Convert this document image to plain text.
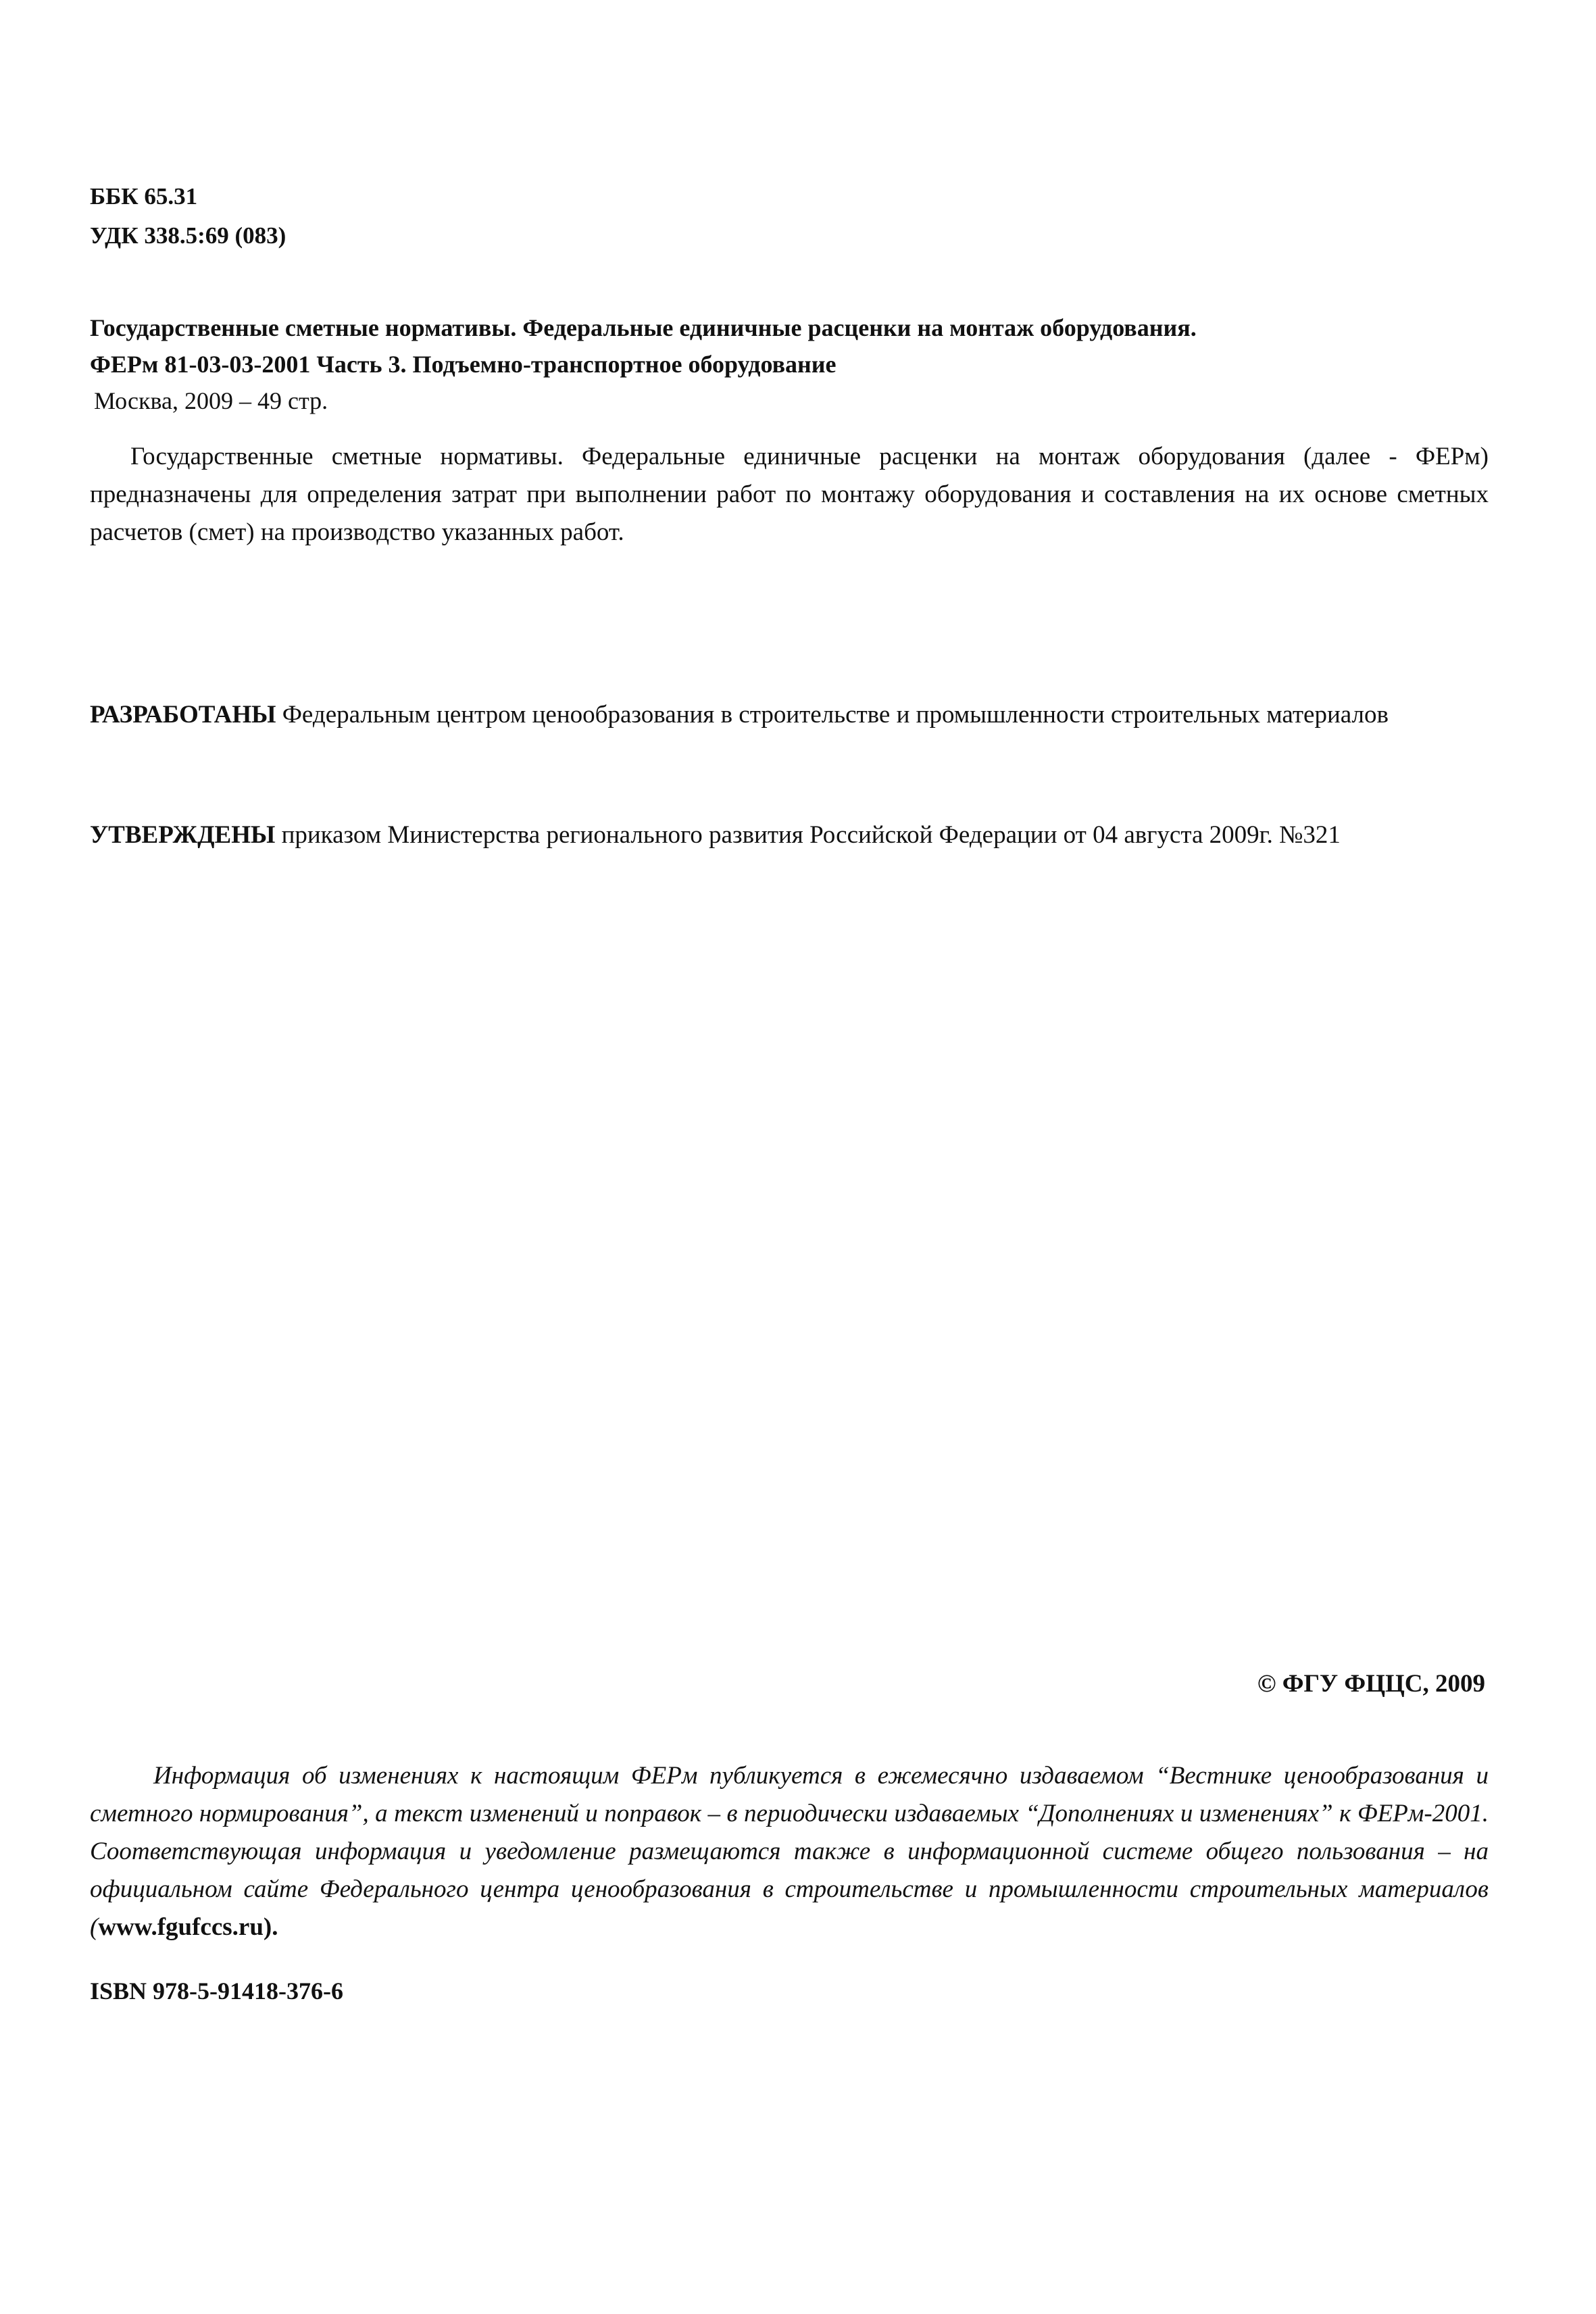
ББК 65.31
УДК 338.5:69 (083)
Государственные сметные нормативы. Федеральные единичные расценки на монтаж оборудования.
ФЕРм 81-03-03-2001 Часть 3. Подъемно-транспортное оборудование
Москва, 2009 – 49 стр.

Государственные сметные нормативы. Федеральные единичные расценки на монтаж оборудования (далее - ФЕРм) предназначены для определения затрат при выполнении работ по монтажу оборудования и составления на их основе сметных расчетов (смет) на производство указанных работ.

РАЗРАБОТАНЫ Федеральным центром ценообразования в строительстве и промышленности строительных материалов

УТВЕРЖДЕНЫ приказом Министерства регионального развития Российской Федерации от 04 августа 2009г. №321

© ФГУ ФЦЦС, 2009

Информация об изменениях к настоящим ФЕРм публикуется в ежемесячно издаваемом “Вестнике ценообразования и сметного нормирования”, а текст изменений и поправок – в периодически издаваемых “Дополнениях и изменениях” к ФЕРм-2001. Соответствующая информация и уведомление размещаются также в информационной системе общего пользования – на официальном сайте Федерального центра ценообразования в строительстве и промышленности строительных материалов (www.fgufccs.ru).

ISBN 978-5-91418-376-6
